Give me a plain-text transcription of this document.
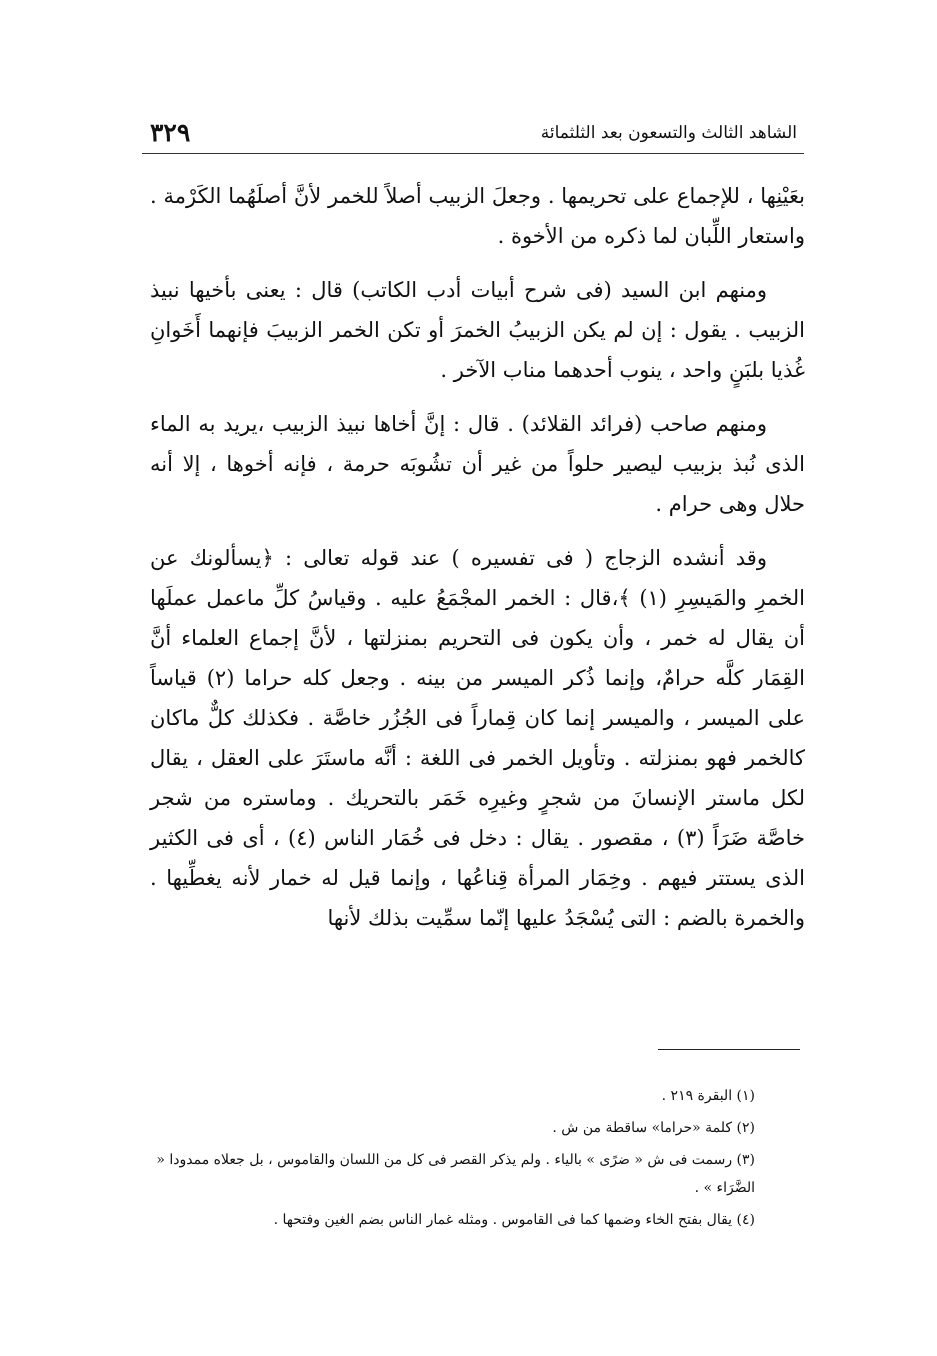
الشاهد الثالث والتسعون بعد الثلثمائة
٣٢٩

بعَيْنِها ، للإجماع على تحريمها . وجعلَ الزبيب أصلاً للخمر لأنَّ أصلَهُما الكَرْمة . واستعار اللِّبان لما ذكره من الأخوة .

ومنهم ابن السيد (فى شرح أبيات أدب الكاتب) قال : يعنى بأخيها نبيذ الزبيب . يقول : إن لم يكن الزبيبُ الخمرَ أو تكن الخمر الزبيبَ فإنهما أَخَوانِ غُذيا بلبَنٍ واحد ، ينوب أحدهما مناب الآخر .

ومنهم صاحب (فرائد القلائد) . قال : إنَّ أخاها نبيذ الزبيب ،يريد به الماء الذى نُبذ بزبيب ليصير حلواً من غير أن تشُوبَه حرمة ، فإنه أخوها ، إلا أنه حلال وهى حرام .

وقد أنشده الزجاج ( فى تفسيره ) عند قوله تعالى : ﴿يسألونك عن الخمرِ والمَيسِرِ (١) ﴾،قال : الخمر المجْمَعُ عليه . وقياسُ كلِّ ماعمل عملَها أن يقال له خمر ، وأن يكون فى التحريم بمنزلتها ، لأنَّ إجماع العلماء أنَّ القِمَار كلَّه حرامٌ، وإنما ذُكر الميسر من بينه . وجعل كله حراما (٢) قياساً على الميسر ، والميسر إنما كان قِماراً فى الجُزُر خاصَّة . فكذلك كلٌّ ماكان كالخمر فهو بمنزلته . وتأويل الخمر فى اللغة : أنَّه ماستَرَ على العقل ، يقال لكل ماستر الإنسانَ من شجرٍ وغيرِه خَمَر بالتحريك . وماستره من شجر خاصَّة ضَرَاً (٣) ، مقصور . يقال : دخل فى خُمَار الناس (٤) ، أى فى الكثير الذى يستتر فيهم . وخِمَار المرأة قِناعُها ، وإنما قيل له خمار لأنه يغطِّيها . والخمرة بالضم : التى يُسْجَدُ عليها إنّما سمِّيت بذلك لأنها

(١) البقرة ٢١٩ .

(٢) كلمة «حراما» ساقطة من ش .

(٣) رسمت فى ش « ضرًى » بالياء . ولم يذكر القصر فى كل من اللسان والقاموس ، بل جعلاه ممدودا « الضَّرَاء » .

(٤) يقال بفتح الخاء وضمها كما فى القاموس . ومثله غمار الناس بضم الغين وفتحها .
